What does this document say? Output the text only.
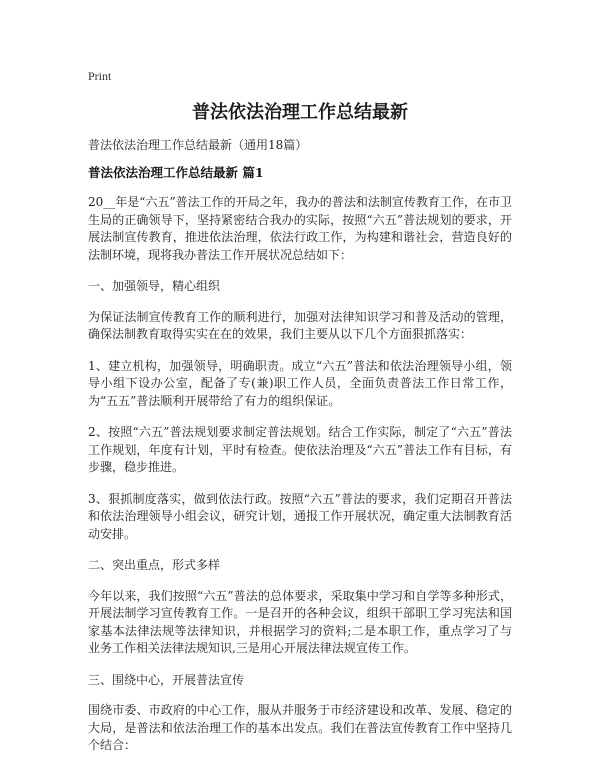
Print
普法依法治理工作总结最新
普法依法治理工作总结最新（通用18篇）
普法依法治理工作总结最新 篇1

20__年是“六五”普法工作的开局之年，我办的普法和法制宣传教育工作，在市卫生局的正确领导下，坚持紧密结合我办的实际，按照“六五”普法规划的要求，开展法制宣传教育，推进依法治理，依法行政工作，为构建和谐社会，营造良好的法制环境，现将我办普法工作开展状况总结如下：

一、加强领导，精心组织

为保证法制宣传教育工作的顺利进行，加强对法律知识学习和普及活动的管理，确保法制教育取得实实在在的效果，我们主要从以下几个方面狠抓落实：

1、建立机构，加强领导，明确职责。成立“六五”普法和依法治理领导小组，领导小组下设办公室，配备了专(兼)职工作人员，全面负责普法工作日常工作，为“五五”普法顺利开展带给了有力的组织保证。

2、按照“六五”普法规划要求制定普法规划。结合工作实际，制定了“六五”普法工作规划，年度有计划，平时有检查。使依法治理及“六五”普法工作有目标，有步骤，稳步推进。

3、狠抓制度落实，做到依法行政。按照“六五”普法的要求，我们定期召开普法和依法治理领导小组会议，研究计划，通报工作开展状况，确定重大法制教育活动安排。

二、突出重点，形式多样

今年以来，我们按照“六五”普法的总体要求，采取集中学习和自学等多种形式，开展法制学习宣传教育工作。一是召开的各种会议，组织干部职工学习宪法和国家基本法律法规等法律知识，并根据学习的资料;二是本职工作，重点学习了与业务工作相关法律法规知识,三是用心开展法律法规宣传工作。

三、围绕中心，开展普法宣传

围绕市委、市政府的中心工作，服从并服务于市经济建设和改革、发展、稳定的大局，是普法和依法治理工作的基本出发点。我们在普法宣传教育工作中坚持几个结合：
